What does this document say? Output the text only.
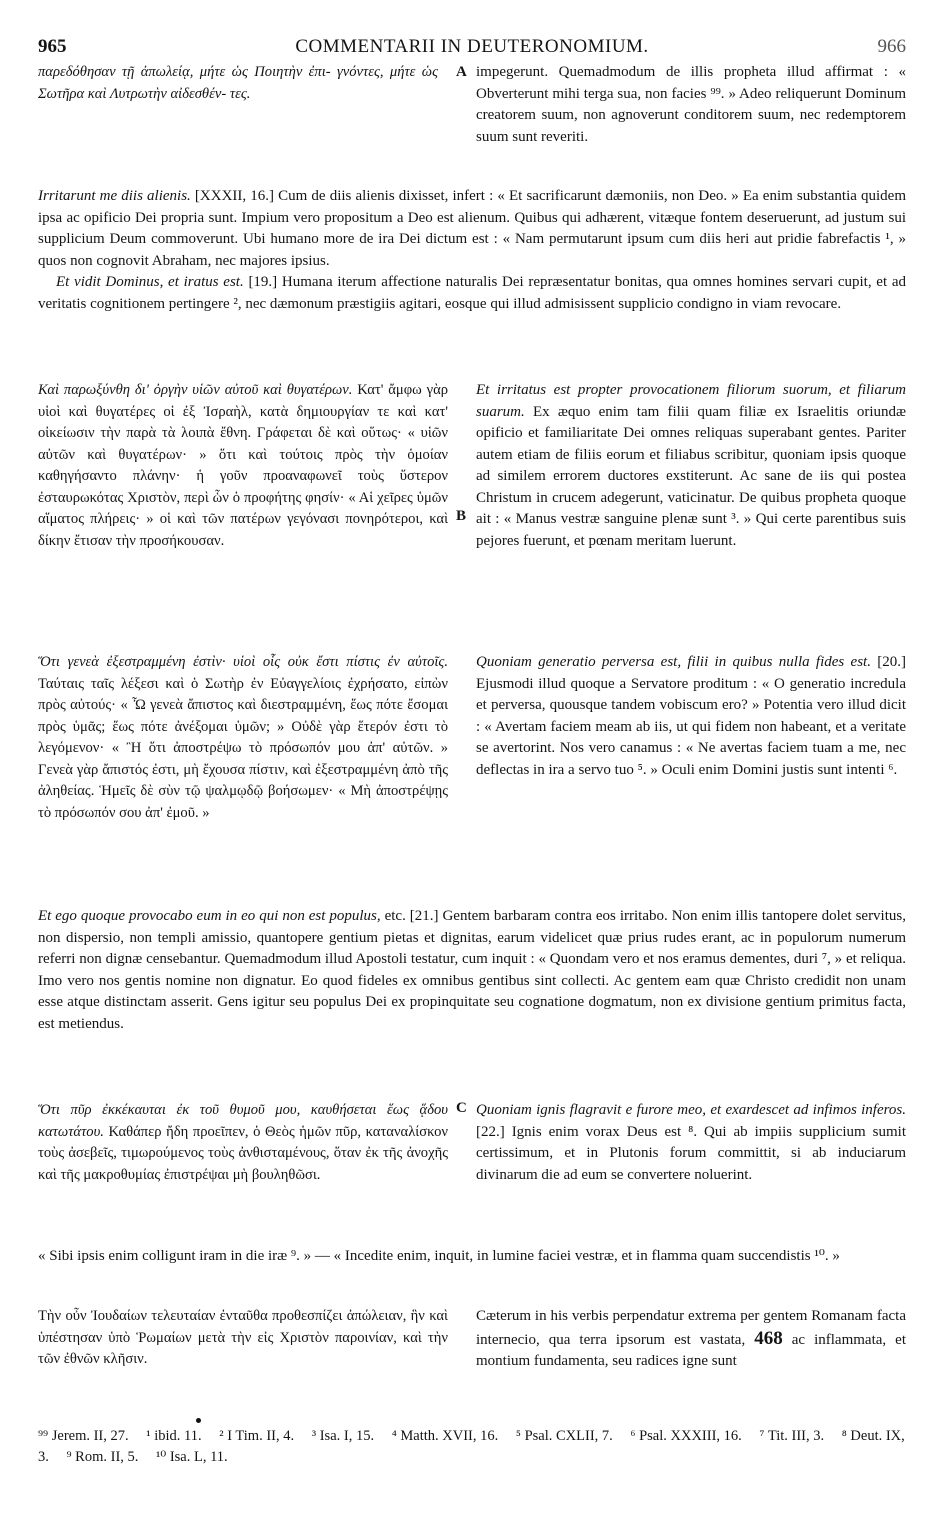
965	COMMENTARII IN DEUTERONOMIUM.	966

παρεδόθησαν τῇ ἀπωλείᾳ, μήτε ὡς Ποιητὴν ἐπι- γνόντες, μήτε ὡς Σωτῆρα καὶ Λυτρωτὴν αἰδεσθέν- τες.

A impegerunt. Quemadmodum de illis propheta illud affirmat : « Obverterunt mihi terga sua, non facies ⁹⁹. » Adeo reliquerunt Dominum creatorem suum, non agnoverunt conditorem suum, nec redemptorem suum sunt reveriti.

Irritarunt me diis alienis. [XXXII, 16.] Cum de diis alienis dixisset, infert : « Et sacrificarunt dæmoniis, non Deo. » Ea enim substantia quidem ipsa ac opificio Dei propria sunt. Impium vero propositum a Deo est alienum. Quibus qui adhærent, vitæque fontem deseruerunt, ad justum sui supplicium Deum commoverunt. Ubi humano more de ira Dei dictum est : « Nam permutarunt ipsum cum diis heri aut pridie fabrefactis ¹, » quos non cognovit Abraham, nec majores ipsius.

Et vidit Dominus, et iratus est. [19.] Humana iterum affectione naturalis Dei repræsentatur bonitas, qua omnes homines servari cupit, et ad veritatis cognitionem pertingere ², nec dæmonum præstigiis agitari, eosque qui illud admisissent supplicio condigno in viam revocare.

Καὶ παρωξύνθη δι' ὀργὴν υἱῶν αὐτοῦ καὶ θυγατέρων. Κατ' ἄμφω γὰρ υἱοὶ καὶ θυγατέρες οἱ ἐξ Ἰσραὴλ, κατὰ δημιουργίαν τε καὶ κατ' οἰκείωσιν τὴν παρὰ τὰ λοιπὰ ἔθνη. Γράφεται δὲ καὶ οὕτως· « υἱῶν αὐτῶν καὶ θυγατέρων· » ὅτι καὶ τούτοις πρὸς τὴν ὁμοίαν καθηγήσαντο πλάνην· ἡ γοῦν προαναφωνεῖ τοὺς ὕστερον ἐσταυρωκότας Χριστὸν, περὶ ὧν ὁ προφήτης φησίν· « Αἱ χεῖρες ὑμῶν αἵματος πλήρεις· » οἱ καὶ τῶν πατέρων γεγόνασι πονηρότεροι, καὶ δίκην ἔτισαν τὴν προσήκουσαν.

B

Et irritatus est propter provocationem filiorum suorum, et filiarum suarum. Ex æquo enim tam filii quam filiæ ex Israelitis oriundæ opificio et familiaritate Dei omnes reliquas superabant gentes. Pariter autem etiam de filiis eorum et filiabus scribitur, quoniam ipsis quoque ad similem errorem ductores exstiterunt. Ac sane de iis qui postea Christum in crucem adegerunt, vaticinatur. De quibus propheta quoque ait : « Manus vestræ sanguine plenæ sunt ³. » Qui certe parentibus suis pejores fuerunt, et pœnam meritam luerunt.

Ὅτι γενεὰ ἐξεστραμμένη ἐστὶν· υἱοὶ οἷς οὐκ ἔστι πίστις ἐν αὐτοῖς. Ταύταις ταῖς λέξεσι καὶ ὁ Σωτὴρ ἐν Εὐαγγελίοις ἐχρήσατο, εἰπὼν πρὸς αὐτούς· « Ὦ γενεὰ ἄπιστος καὶ διεστραμμένη, ἕως πότε ἔσομαι πρὸς ὑμᾶς; ἕως πότε ἀνέξομαι ὑμῶν; » Οὐδὲ γὰρ ἕτερόν ἐστι τὸ λεγόμενον· « Ἢ ὅτι ἀποστρέψω τὸ πρόσωπόν μου ἀπ' αὐτῶν. » Γενεὰ γὰρ ἄπιστός ἐστι, μὴ ἔχουσα πίστιν, καὶ ἐξεστραμμένη ἀπὸ τῆς ἀληθείας. Ἡμεῖς δὲ σὺν τῷ ψαλμῳδῷ βοήσωμεν· « Μὴ ἀποστρέψῃς τὸ πρόσωπόν σου ἀπ' ἐμοῦ. »

Quoniam generatio perversa est, filii in quibus nulla fides est. [20.] Ejusmodi illud quoque a Servatore proditum : « O generatio incredula et perversa, quousque tandem vobiscum ero? » Potentia vero illud dicit : « Avertam faciem meam ab iis, ut qui fidem non habeant, et a veritate se avertorint. Nos vero canamus : « Ne avertas faciem tuam a me, nec deflectas in ira a servo tuo ⁵. » Oculi enim Domini justis sunt intenti ⁶.

Et ego quoque provocabo eum in eo qui non est populus, etc. [21.] Gentem barbaram contra eos irritabo. Non enim illis tantopere dolet servitus, non dispersio, non templi amissio, quantopere gentium pietas et dignitas, earum videlicet quæ prius rudes erant, ac in populorum numerum referri non dignæ censebantur. Quemadmodum illud Apostoli testatur, cum inquit : « Quondam vero et nos eramus dementes, duri ⁷, » et reliqua. Imo vero nos gentis nomine non dignatur. Eo quod fideles ex omnibus gentibus sint collecti. Ac gentem eam quæ Christo credidit non unam esse atque distinctam asserit. Gens igitur seu populus Dei ex propinquitate seu cognatione dogmatum, non ex divisione gentium primitus facta, est metiendus.

Ὅτι πῦρ ἐκκέκαυται ἐκ τοῦ θυμοῦ μου, καυθήσεται ἕως ᾅδου κατωτάτου. Καθάπερ ἤδη προεῖπεν, ὁ Θεὸς ἡμῶν πῦρ, καταναλίσκον τοὺς ἀσεβεῖς, τιμωρούμενος τοὺς ἀνθισταμένους, ὅταν ἐκ τῆς ἀνοχῆς καὶ τῆς μακροθυμίας ἐπιστρέψαι μὴ βουληθῶσι.

C Quoniam ignis flagravit e furore meo, et exardescet ad infimos inferos. [22.] Ignis enim vorax Deus est ⁸. Qui ab impiis supplicium sumit certissimum, et in Plutonis forum committit, si ab induciarum divinarum die ad eum se convertere noluerint.

« Sibi ipsis enim colligunt iram in die iræ ⁹. » — « Incedite enim, inquit, in lumine faciei vestræ, et in flamma quam succendistis ¹⁰. »

Τὴν οὖν Ἰουδαίων τελευταίαν ἐνταῦθα προθεσπίζει ἀπώλειαν, ἣν καὶ ὑπέστησαν ὑπὸ Ῥωμαίων μετὰ τὴν εἰς Χριστὸν παροινίαν, καὶ τὴν τῶν ἐθνῶν κλῆσιν.

Cæterum in his verbis perpendatur extrema per gentem Romanam facta internecio, qua terra ipsorum est vastata, 468 ac inflammata, et montium fundamenta, seu radices igne sunt

⁹⁹ Jerem. II, 27. ¹ ibid. 11. ² I Tim. II, 4. ³ Isa. I, 15. ⁴ Matth. XVII, 16. ⁵ Psal. CXLII, 7. ⁶ Psal. XXXIII, 16. ⁷ Tit. III, 3. ⁸ Deut. IX, 3. ⁹ Rom. II, 5. ¹⁰ Isa. L, 11.
